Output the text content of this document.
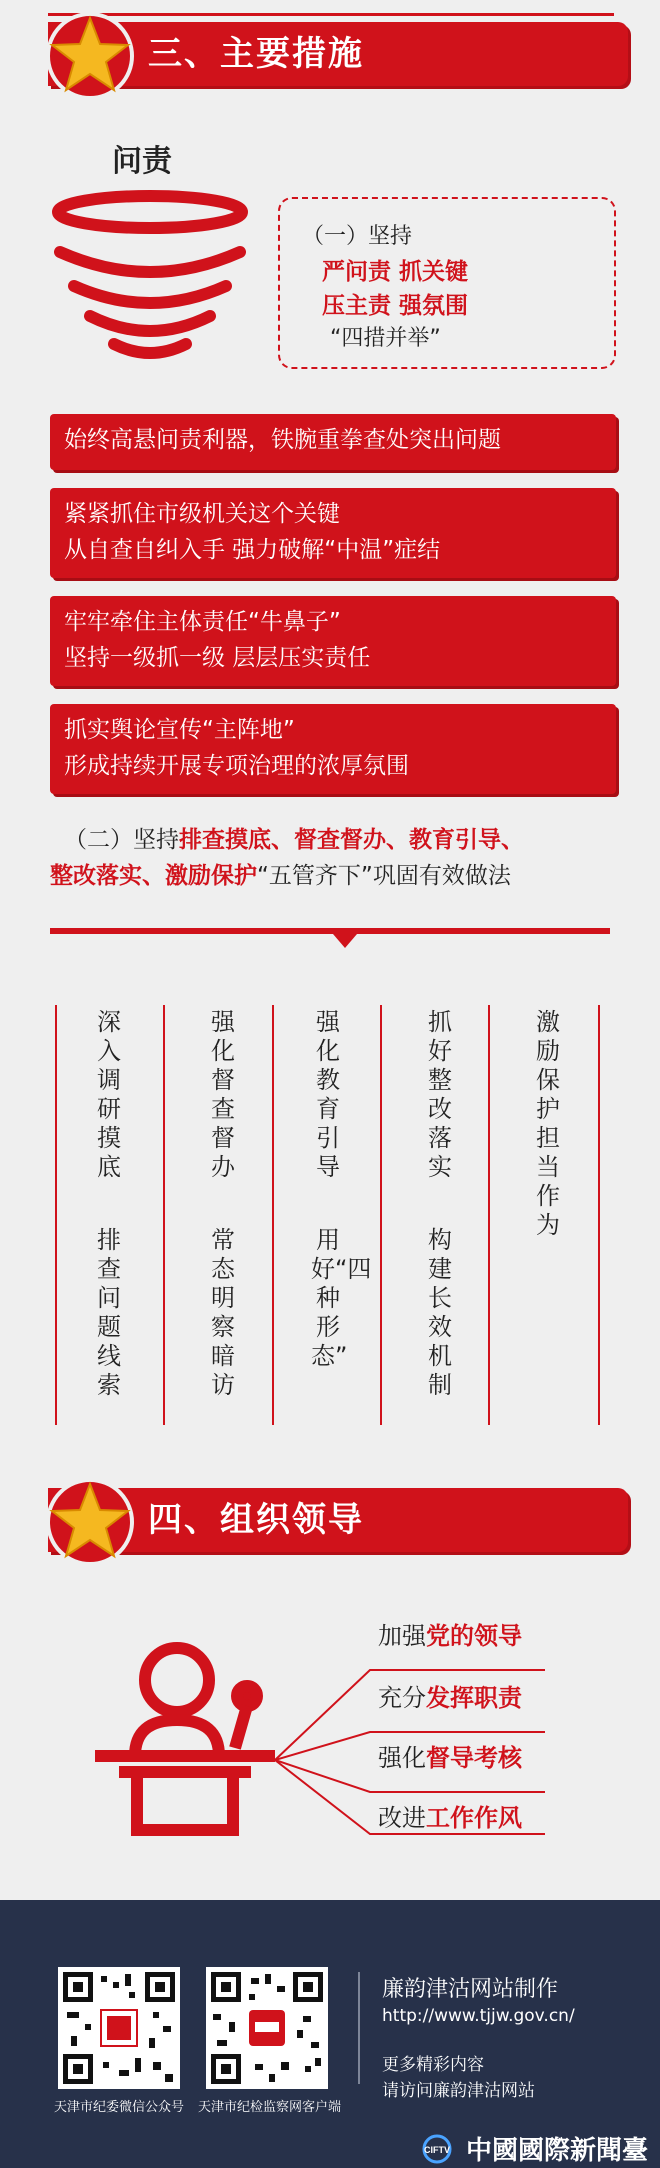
三、主要措施
问责
（一）坚持
严问责 抓关键
压主责 强氛围
“四措并举”
始终高悬问责利器，铁腕重拳查处突出问题
紧紧抓住市级机关这个关键
从自查自纠入手 强力破解“中温”症结
牢牢牵住主体责任“牛鼻子”
坚持一级抓一级 层层压实责任
抓实舆论宣传“主阵地”
形成持续开展专项治理的浓厚氛围
（二）坚持排查摸底、督查督办、教育引导、
整改落实、激励保护“五管齐下”巩固有效做法
深入调研摸底
排查问题线索
强化督查督办
常态明察暗访
强化教育引导
用好“四种形态”
抓好整改落实
构建长效机制
激励保护担当作为
四、组织领导
加强党的领导
充分发挥职责
强化督导考核
改进工作作风
天津市纪委微信公众号 天津市纪检监察网客户端
廉韵津沽网站制作
http://www.tjjw.gov.cn/
更多精彩内容
请访问廉韵津沽网站
CIFTV 中國國際新聞臺
